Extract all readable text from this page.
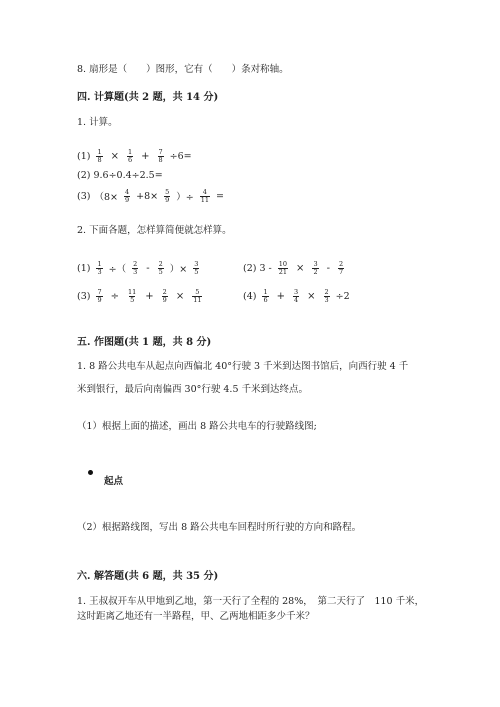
8. 扇形是（　　）图形，它有（　　）条对称轴。
四. 计算题(共 2 题，共 14 分)
1. 计算。
$(1) \frac{1}{8} \times \frac{1}{6} + \frac{7}{8} \div 6=$
(2) 9.6÷0.4÷2.5=
(3) （$8\times \frac{4}{9} +8\times \frac{5}{9}$ ）÷ $\frac{4}{11}$ =
2. 下面各题，怎样算简便就怎样算。
$(1) \frac{1}{3}$ ÷（ $\frac{2}{3} - \frac{2}{5}$ ）× $\frac{3}{5}$	(2) $3 - \frac{10}{21} \times \frac{3}{2} - \frac{2}{7}$
$(3) \frac{7}{9} \div \frac{11}{5} + \frac{2}{9} \times \frac{5}{11}$	$(4) \frac{1}{6} + \frac{3}{4} \times \frac{2}{3} \div 2$
五. 作图题(共 1 题，共 8 分)
1. 8 路公共电车从起点向西偏北 40°行驶 3 千米到达图书馆后，向西行驶 4 千
米到银行，最后向南偏西 30°行驶 4.5 千米到达终点。
（1）根据上面的描述，画出 8 路公共电车的行驶路线图;
起点
（2）根据路线图，写出 8 路公共电车回程时所行驶的方向和路程。
六. 解答题(共 6 题，共 35 分)
1. 王叔叔开车从甲地到乙地，第一天行了全程的 28%，　第二天行了　110 千米，
这时距离乙地还有一半路程，甲、乙两地相距多少千米？
